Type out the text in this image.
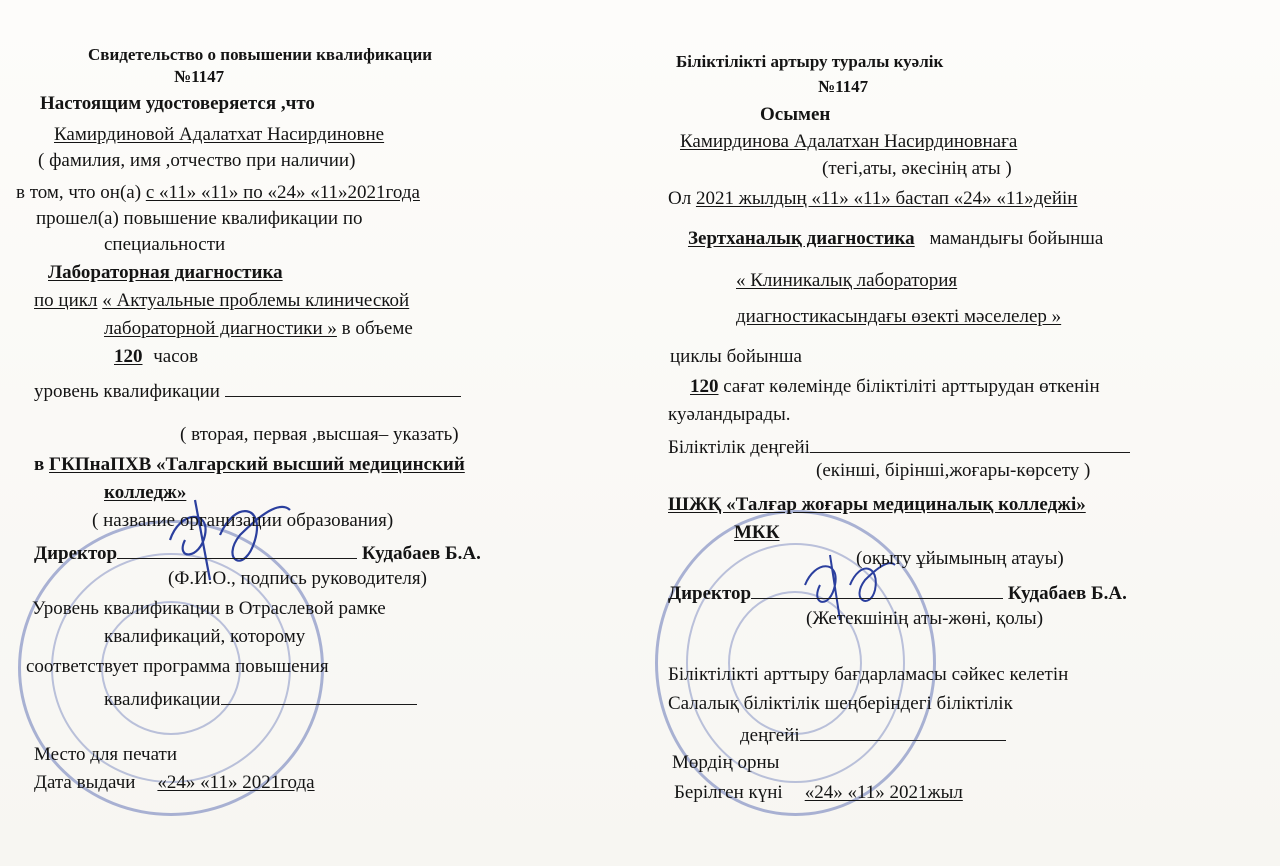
Свидетельство о повышении квалификации
№1147
Настоящим удостоверяется ,что
Камирдиновой Адалатхат Насирдиновне
( фамилия, имя ,отчество при наличии)
в том, что он(а) с «11» «11» по «24» «11»2021года
прошел(а) повышение квалификации по
специальности
Лабораторная диагностика
по цикл « Актуальные проблемы клинической
лабораторной диагностики » в объеме
120 часов
уровень квалификации
( вторая, первая ,высшая– указать)
в ГКПнаПХВ «Талгарский высший медицинский
колледж»
( название организации образования)
Директор	Кудабаев Б.А.
(Ф.И.О., подпись руководителя)
Уровень квалификации в Отраслевой рамке
квалификаций, которому
соответствует программа повышения
квалификации
Место для печати
Дата выдачи «24» «11» 2021года
Біліктілікті артыру туралы куәлік
№1147
Осымен
Камирдинова Адалатхан Насирдиновнаға
(тегі,аты, әкесінің аты )
Ол 2021 жылдың «11» «11» бастап «24» «11»дейін
Зертханалық диагностика мамандығы бойынша
« Клиникалық лаборатория
диагностикасындағы өзекті мәселелер »
циклы бойынша
120 сағат көлемінде біліктіліті арттырудан өткенін
куәландырады.
Біліктілік деңгейі
(екінші, бірінші,жоғары-көрсету )
ШЖҚ «Талғар жоғары медициналық колледжі»
МКК
(оқыту ұйымының атауы)
Директор	Кудабаев Б.А.
(Жетекшінің аты-жөні, қолы)
Біліктілікті арттыру бағдарламасы сәйкес келетін
Салалық біліктілік шеңберіндегі біліктілік
деңгейі
Мөрдің орны
Берілген күні «24» «11» 2021жыл
